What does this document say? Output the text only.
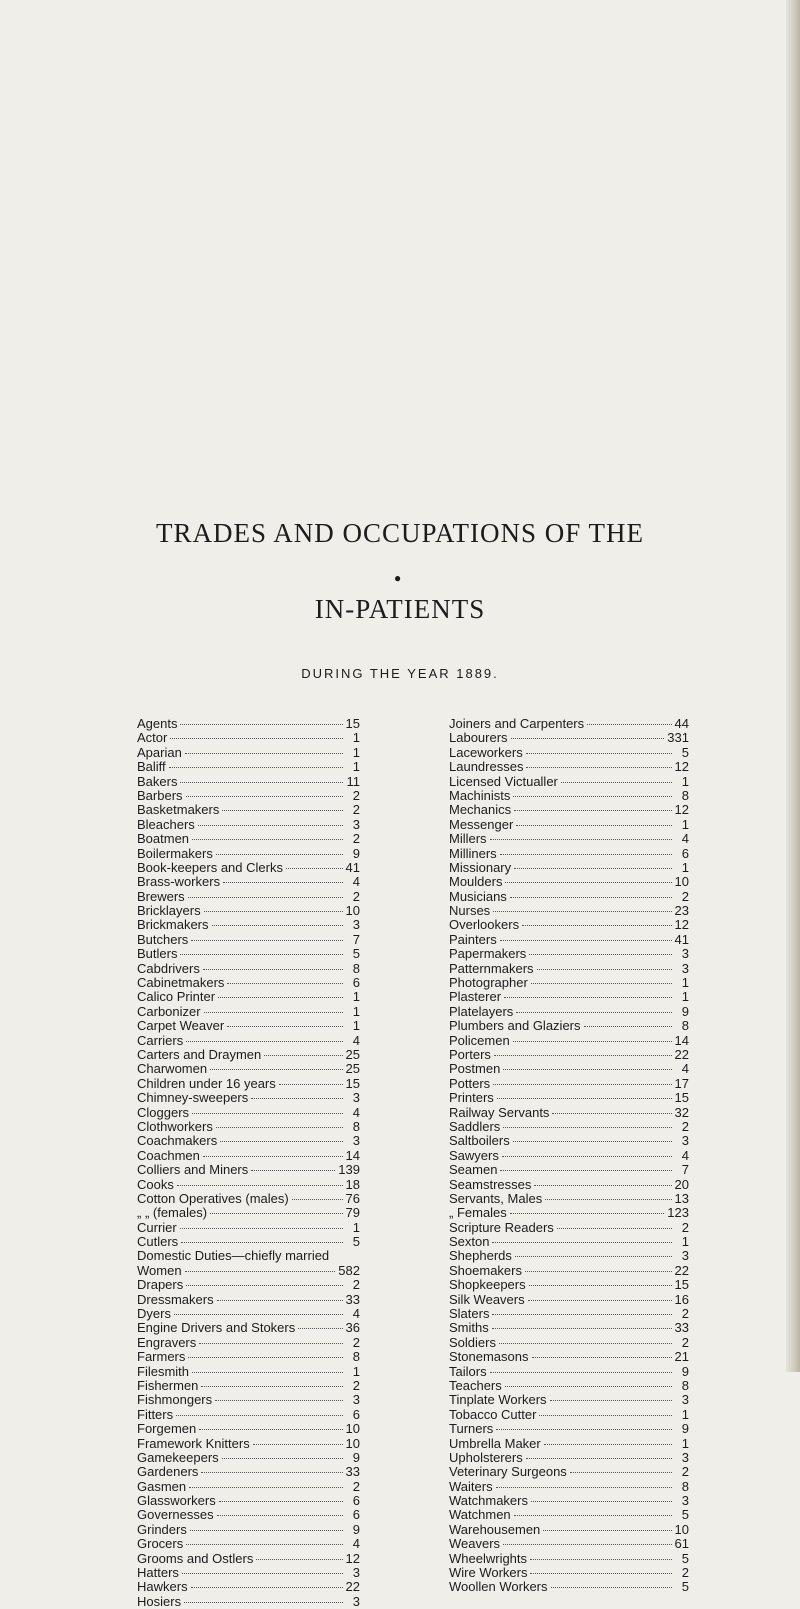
TRADES AND OCCUPATIONS OF THE
●
IN-PATIENTS
DURING THE YEAR 1889.
Agents	15
Actor	1
Aparian	1
Baliff	1
Bakers	11
Barbers	2
Basketmakers	2
Bleachers	3
Boatmen	2
Boilermakers	9
Book-keepers and Clerks	41
Brass-workers	4
Brewers	2
Bricklayers	10
Brickmakers	3
Butchers	7
Butlers	5
Cabdrivers	8
Cabinetmakers	6
Calico Printer	1
Carbonizer	1
Carpet Weaver	1
Carriers	4
Carters and Draymen	25
Charwomen	25
Children under 16 years	15
Chimney-sweepers	3
Cloggers	4
Clothworkers	8
Coachmakers	3
Coachmen	14
Colliers and Miners	139
Cooks	18
Cotton Operatives (males)	76
„ „ (females)	79
Currier	1
Cutlers	5
Domestic Duties—chiefly married
Women	582
Drapers	2
Dressmakers	33
Dyers	4
Engine Drivers and Stokers	36
Engravers	2
Farmers	8
Filesmith	1
Fishermen	2
Fishmongers	3
Fitters	6
Forgemen	10
Framework Knitters	10
Gamekeepers	9
Gardeners	33
Gasmen	2
Glassworkers	6
Governesses	6
Grinders	9
Grocers	4
Grooms and Ostlers	12
Hatters	3
Hawkers	22
Hosiers	3
Joiners and Carpenters	44
Labourers	331
Laceworkers	5
Laundresses	12
Licensed Victualler	1
Machinists	8
Mechanics	12
Messenger	1
Millers	4
Milliners	6
Missionary	1
Moulders	10
Musicians	2
Nurses	23
Overlookers	12
Painters	41
Papermakers	3
Patternmakers	3
Photographer	1
Plasterer	1
Platelayers	9
Plumbers and Glaziers	8
Policemen	14
Porters	22
Postmen	4
Potters	17
Printers	15
Railway Servants	32
Saddlers	2
Saltboilers	3
Sawyers	4
Seamen	7
Seamstresses	20
Servants, Males	13
„ Females	123
Scripture Readers	2
Sexton	1
Shepherds	3
Shoemakers	22
Shopkeepers	15
Silk Weavers	16
Slaters	2
Smiths	33
Soldiers	2
Stonemasons	21
Tailors	9
Teachers	8
Tinplate Workers	3
Tobacco Cutter	1
Turners	9
Umbrella Maker	1
Upholsterers	3
Veterinary Surgeons	2
Waiters	8
Watchmakers	3
Watchmen	5
Warehousemen	10
Weavers	61
Wheelwrights	5
Wire Workers	2
Woollen Workers	5
